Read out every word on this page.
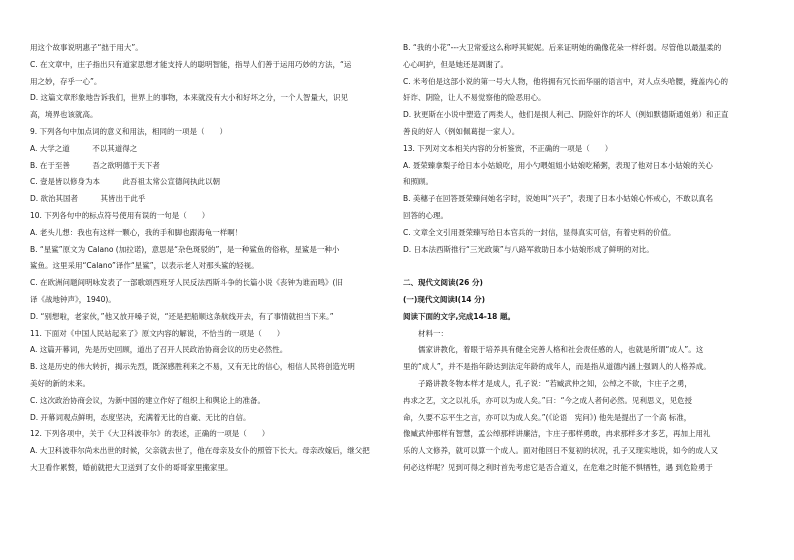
用这个故事说明惠子“拙于用大”。
C. 在文章中，庄子指出只有道家思想才能支持人的聪明智能，指导人们善于运用巧妙的方法，“运
用之妙，存乎一心”。
D. 这篇文章形象地告诉我们，世界上的事物，本来就没有大小和好坏之分，一个人智量大，识见
高，境界也该就高。
9. 下列各句中加点词的意义和用法，相同的一项是（　　）
A. 大学之道　　　不以其道得之
B. 在于至善　　　吾之欲明德于天下者
C. 壹是皆以修身为本　　　此吾祖太常公宣德间执此以朝
D. 欲治其国者　　　其皆出于此乎
10. 下列各句中的标点符号使用有误的一句是（　　）
A. 老头儿想：我也有这样一颗心，我的手和脚也跟海龟一样啊！
B. “星鲨”原文为 Calano (加拉诺)，意思是“杂色斑驳的”，是一种鲨鱼的俗称，星鲨是一种小
鲨鱼。这里采用“Calano”译作“星鲨”，以表示老人对那头鲨的轻视。
C. 在欧洲问题间明咏发表了一部歌颂西班牙人民反法西斯斗争的长篇小说《丧钟为谁而鸣》(旧
译《战地钟声》，1940)。
D. “别想啦，老家伙，”他又放开嗓子说，“还是把船顺这条航线开去，有了事情就担当下来。”
11. 下面对《中国人民站起来了》原文内容的解说，不恰当的一项是（　　）
A. 这篇开幕词，先是历史回顾，道出了召开人民政治协商会议的历史必然性。
B. 这是历史的伟大转折，揭示先烈，既深感胜利来之不易，又有无比的信心，相信人民将创造光明
美好的新的未来。
C. 这次政治协商会议，为新中国的建立作好了组织上和舆论上的准备。
D. 开幕词观点鲜明，态度坚决，充满着无比的自豪、无比的自信。
12. 下列各项中，关于《大卫科波菲尔》的表述，正确的一项是（　　）
A. 大卫科波菲尔尚未出世的时候，父亲就去世了，他在母亲及女仆的照管下长大。母亲改嫁后，继父把
大卫看作累赘，婚前就把大卫送到了女仆的哥哥家里搬家里。
B. “我的小花”---大卫常爱这么称呼其妮妮。后来证明她的确像花朵一样纤弱。尽管他以最温柔的
心心呵护，但是她还是凋谢了。
C. 米考伯是这部小说的第一号大人物，他将拥有冗长而华丽的语言中，对人点头哈腰，掩盖内心的
奸诈、阴险，让人不易觉察他的险恶用心。
D. 狄更斯在小说中塑造了两类人，他们是损人利己、阴险奸诈的坏人（例如默德斯通姐弟）和正直
善良的好人（例如佩葛提一家人）。
13. 下列对文本相关内容的分析鉴赏，不正确的一项是（　　）
A. 聂荣臻拿梨子给日本小姑娘吃，用小勺喂姐姐小姑娘吃稀粥，表现了他对日本小姑娘的关心
和照顾。
B. 美穗子在回答聂荣臻问她名字时，说她叫“兴子”，表现了日本小姑娘心怀戒心，不敢以真名
回答的心理。
C. 文章全文引用聂荣臻写给日本官兵的一封信，显得真实可信，有着史料的价值。
D. 日本法西斯推行“三光政策”与八路军救助日本小姑娘形成了鲜明的对比。
二、现代文阅读(26 分)
(一)现代文阅读Ⅰ(14 分)
阅读下面的文字,完成14-18 题。
材料一：
儒家讲教化，着眼于培养具有健全完善人格和社会责任感的人，也就是所谓“成人”。这
里的“成人”，并不是指年龄达到法定年龄的成年人，而是指从道德内涵上强调人的人格养成。
子路讲教冬物本样才是成人，孔子说：“若臧武仲之知，公绰之不欲，卞庄子之勇，
冉求之艺，文之以礼乐，亦可以为成人矣。”曰：“今之成人者何必然。见利思义，见危授
命，久要不忘平生之言，亦可以为成人矣。”(《论语　宪问》) 他先是提出了一个高 标准，
像臧武仲那样有智慧，孟公绰那样讲廉洁，卞庄子那样勇敢，冉求那样多才多艺，再加上用礼
乐的人文修养，就可以算一个成人。面对他回日不复初的状况，孔子又现实地说，如今的成人又
何必这样呢？见到可得之利时首先考虑它是否合道义，在危难之时能不惧牺牲，遇 到危险勇于
